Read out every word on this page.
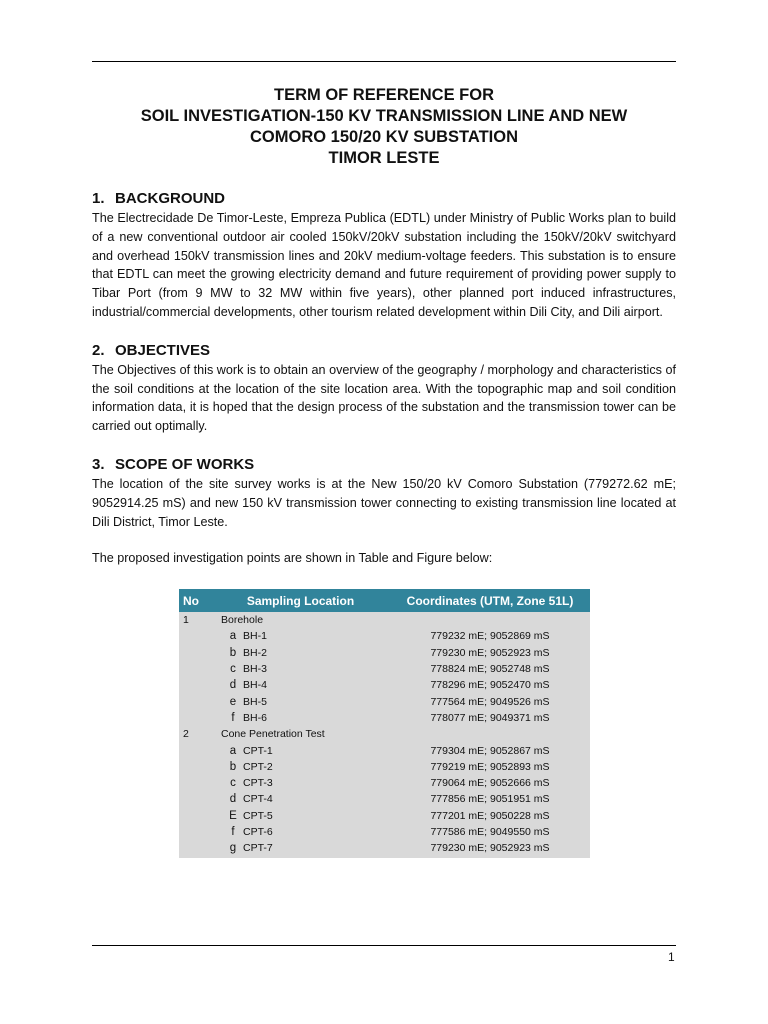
TERM OF REFERENCE FOR
SOIL INVESTIGATION-150 KV TRANSMISSION LINE AND NEW
COMORO 150/20 KV SUBSTATION
TIMOR LESTE
1. BACKGROUND

The Electrecidade De Timor-Leste, Empreza Publica (EDTL) under Ministry of Public Works plan to build of a new conventional outdoor air cooled 150kV/20kV substation including the 150kV/20kV switchyard and overhead 150kV transmission lines and 20kV medium-voltage feeders. This substation is to ensure that EDTL can meet the growing electricity demand and future requirement of providing power supply to Tibar Port (from 9 MW to 32 MW within five years), other planned port induced infrastructures, industrial/commercial developments, other tourism related development within Dili City, and Dili airport.

2. OBJECTIVES

The Objectives of this work is to obtain an overview of the geography / morphology and characteristics of the soil conditions at the location of the site location area. With the topographic map and soil condition information data, it is hoped that the design process of the substation and the transmission tower can be carried out optimally.

3. SCOPE OF WORKS

The location of the site survey works is at the New 150/20 kV Comoro Substation (779272.62 mE; 9052914.25 mS) and new 150 kV transmission tower connecting to existing transmission line located at Dili District, Timor Leste.

The proposed investigation points are shown in Table and Figure below:

No	Sampling Location		Coordinates (UTM, Zone 51L)
1	Borehole		
	a	BH-1	779232 mE; 9052869 mS
	b	BH-2	779230 mE; 9052923 mS
	c	BH-3	778824 mE; 9052748 mS
	d	BH-4	778296 mE; 9052470 mS
	e	BH-5	777564 mE; 9049526 mS
	f	BH-6	778077 mE; 9049371 mS
2	Cone Penetration Test		
	a	CPT-1	779304 mE; 9052867 mS
	b	CPT-2	779219 mE; 9052893 mS
	c	CPT-3	779064 mE; 9052666 mS
	d	CPT-4	777856 mE; 9051951 mS
	E	CPT-5	777201 mE; 9050228 mS
	f	CPT-6	777586 mE; 9049550 mS
	g	CPT-7	779230 mE; 9052923 mS
1
